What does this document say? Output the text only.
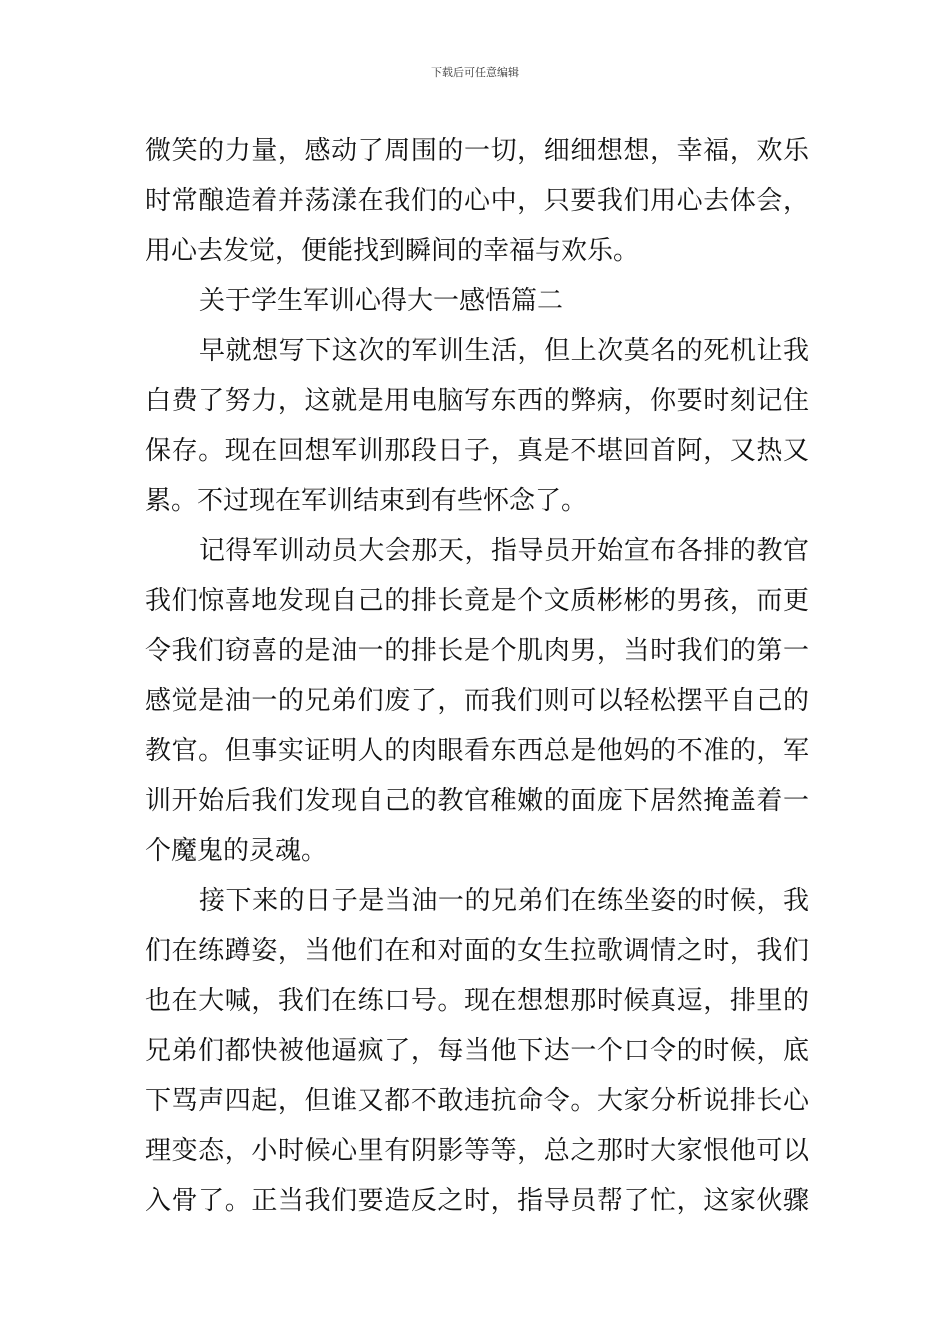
下载后可任意编辑
微笑的力量，感动了周围的一切，细细想想，幸福，欢乐
时常酿造着并荡漾在我们的心中，只要我们用心去体会，
用心去发觉，便能找到瞬间的幸福与欢乐。
关于学生军训心得大一感悟篇二
早就想写下这次的军训生活，但上次莫名的死机让我
白费了努力，这就是用电脑写东西的弊病，你要时刻记住
保存。现在回想军训那段日子，真是不堪回首阿，又热又
累。不过现在军训结束到有些怀念了。
记得军训动员大会那天，指导员开始宣布各排的教官
我们惊喜地发现自己的排长竟是个文质彬彬的男孩，而更
令我们窃喜的是油一的排长是个肌肉男，当时我们的第一
感觉是油一的兄弟们废了，而我们则可以轻松摆平自己的
教官。但事实证明人的肉眼看东西总是他妈的不准的，军
训开始后我们发现自己的教官稚嫩的面庞下居然掩盖着一
个魔鬼的灵魂。
接下来的日子是当油一的兄弟们在练坐姿的时候，我
们在练蹲姿，当他们在和对面的女生拉歌调情之时，我们
也在大喊，我们在练口号。现在想想那时候真逗，排里的
兄弟们都快被他逼疯了，每当他下达一个口令的时候，底
下骂声四起，但谁又都不敢违抗命令。大家分析说排长心
理变态，小时候心里有阴影等等，总之那时大家恨他可以
入骨了。正当我们要造反之时，指导员帮了忙，这家伙骤
